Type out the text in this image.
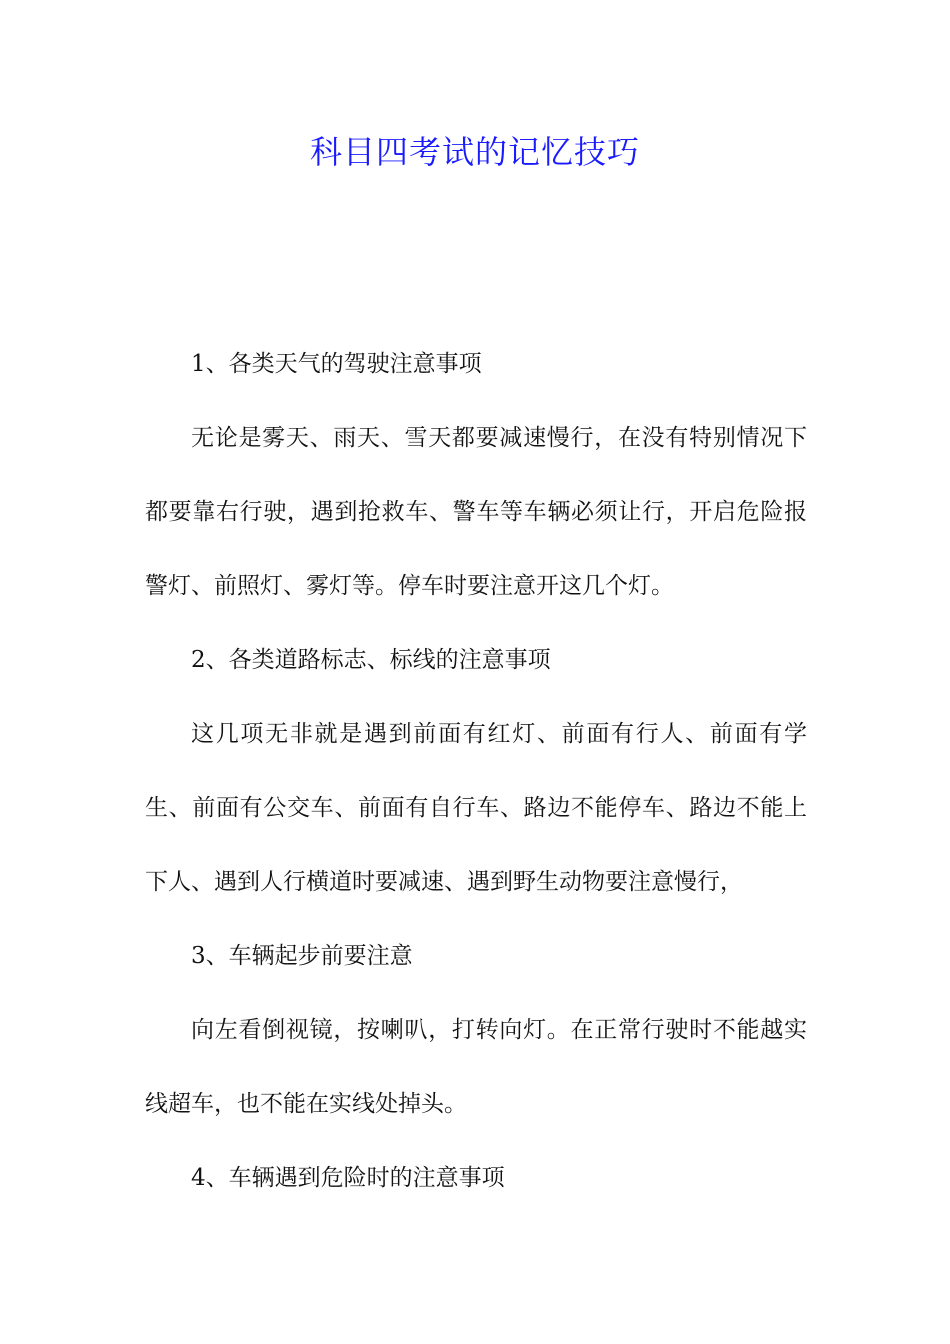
科目四考试的记忆技巧

1、各类天气的驾驶注意事项

无论是雾天、雨天、雪天都要减速慢行，在没有特别情况下都要靠右行驶，遇到抢救车、警车等车辆必须让行，开启危险报警灯、前照灯、雾灯等。停车时要注意开这几个灯。

2、各类道路标志、标线的注意事项

这几项无非就是遇到前面有红灯、前面有行人、前面有学生、前面有公交车、前面有自行车、路边不能停车、路边不能上下人、遇到人行横道时要减速、遇到野生动物要注意慢行，

3、车辆起步前要注意

向左看倒视镜，按喇叭，打转向灯。在正常行驶时不能越实线超车，也不能在实线处掉头。

4、车辆遇到危险时的注意事项
